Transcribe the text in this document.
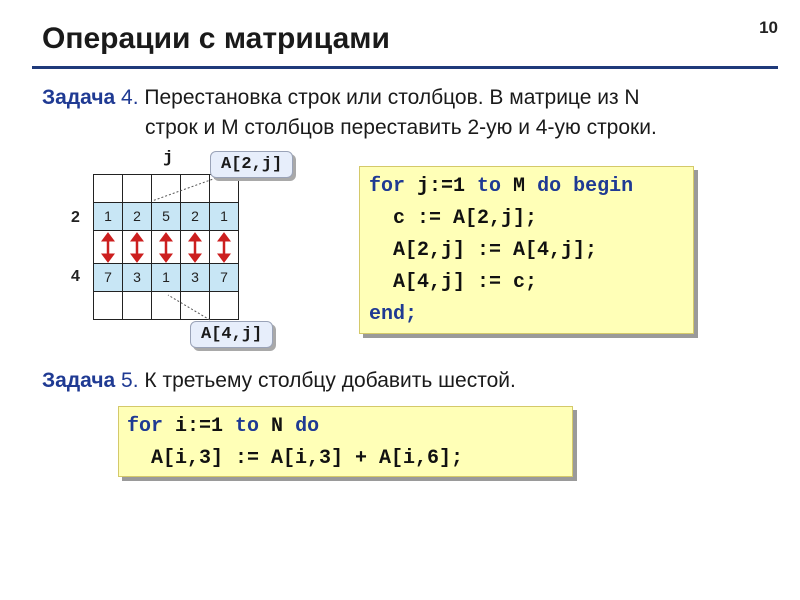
10
Операции с матрицами
Задача 4. Перестановка строк или столбцов. В матрице из N
строк и M столбцов переставить 2-ую и 4-ую строки.
j
2
4
1	2	5	2	1
7	3	1	3	7
A[2,j]
A[4,j]
for j:=1 to M do begin
c := A[2,j];
A[2,j] := A[4,j];
A[4,j] := c;
end;
Задача 5. К третьему столбцу добавить шестой.
for i:=1 to N do
A[i,3] := A[i,3] + A[i,6];
